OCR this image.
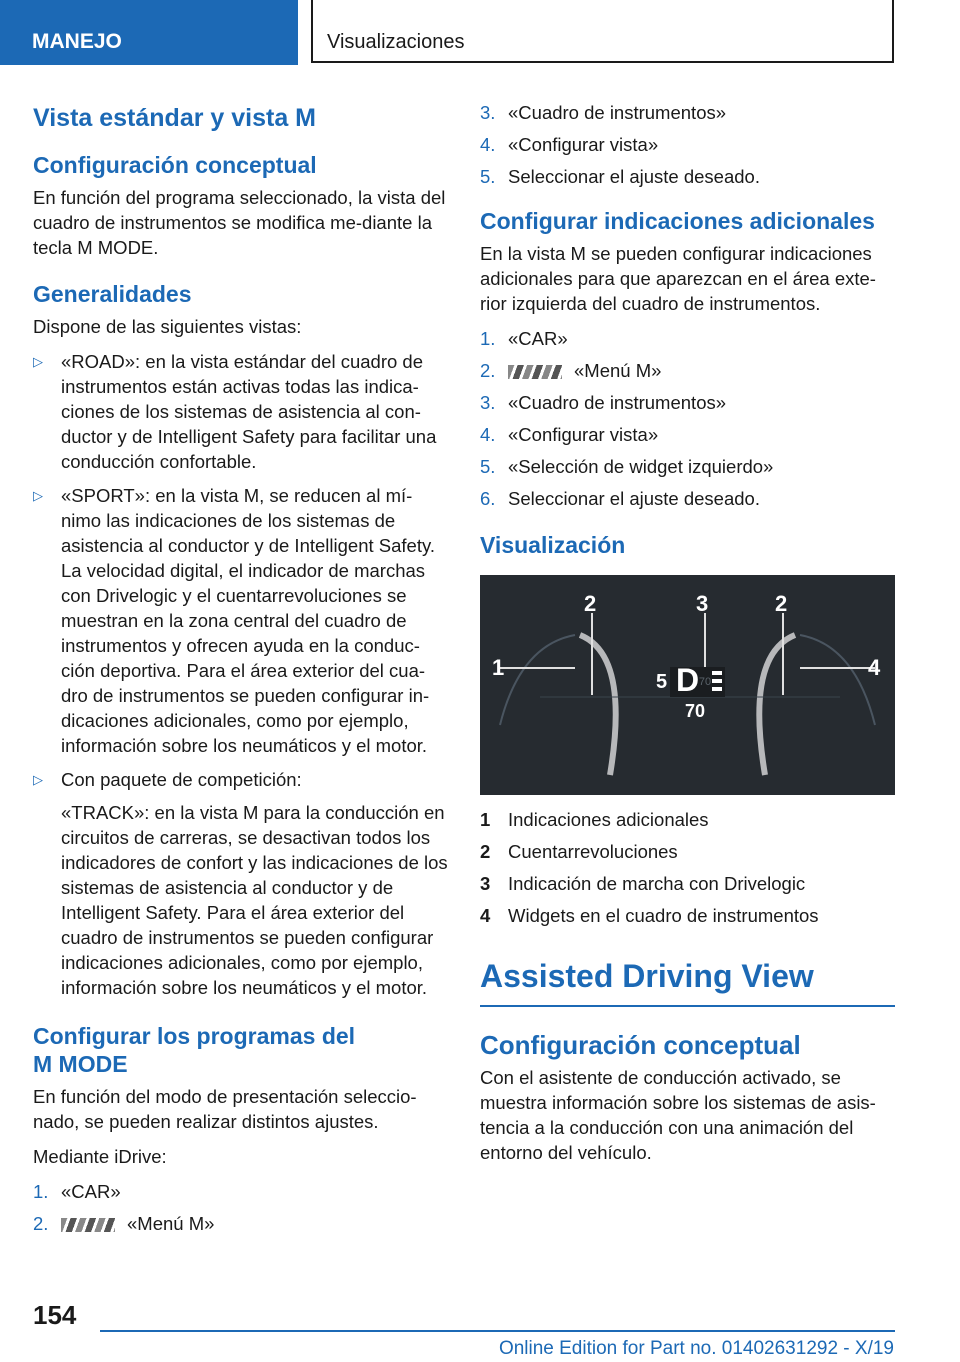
MANEJO	Visualizaciones
Vista estándar y vista M
Configuración conceptual

En función del programa seleccionado, la vista del cuadro de instrumentos se modifica me-diante la tecla M MODE.

Generalidades

Dispone de las siguientes vistas:

▷ «ROAD»: en la vista estándar del cuadro de instrumentos están activas todas las indica-ciones de los sistemas de asistencia al con-ductor y de Intelligent Safety para facilitar una conducción confortable.
▷ «SPORT»: en la vista M, se reducen al mí-nimo las indicaciones de los sistemas de asistencia al conductor y de Intelligent Safety. La velocidad digital, el indicador de marchas con Drivelogic y el cuentarrevoluciones se muestran en la zona central del cuadro de instrumentos y ofrecen ayuda en la conduc-ción deportiva. Para el área exterior del cua-dro de instrumentos se pueden configurar in-dicaciones adicionales, como por ejemplo, información sobre los neumáticos y el motor.
▷ Con paquete de competición:

«TRACK»: en la vista M para la conducción en circuitos de carreras, se desactivan todos los indicadores de confort y las indicaciones de los sistemas de asistencia al conductor y de Intelligent Safety. Para el área exterior del cuadro de instrumentos se pueden configurar indicaciones adicionales, como por ejemplo, información sobre los neumáticos y el motor.

Configurar los programas del M MODE

En función del modo de presentación seleccio-nado, se pueden realizar distintos ajustes.

Mediante iDrive:

1. «CAR»
2.	«Menú M»
3. «Cuadro de instrumentos»
4. «Configurar vista»
5. Seleccionar el ajuste deseado.
Configurar indicaciones adicionales

En la vista M se pueden configurar indicaciones adicionales para que aparezcan en el área exte-rior izquierda del cuadro de instrumentos.

1. «CAR»
2.	«Menú M»
3. «Cuadro de instrumentos»
4. «Configurar vista»
5. «Selección de widget izquierdo»
6. Seleccionar el ajuste deseado.
Visualización
70
1
2	3	2
4
5 D
70
1 Indicaciones adicionales
2 Cuentarrevoluciones
3 Indicación de marcha con Drivelogic
4 Widgets en el cuadro de instrumentos
Assisted Driving View
Configuración conceptual

Con el asistente de conducción activado, se muestra información sobre los sistemas de asis-tencia a la conducción con una animación del entorno del vehículo.

154
Online Edition for Part no. 01402631292 - X/19
